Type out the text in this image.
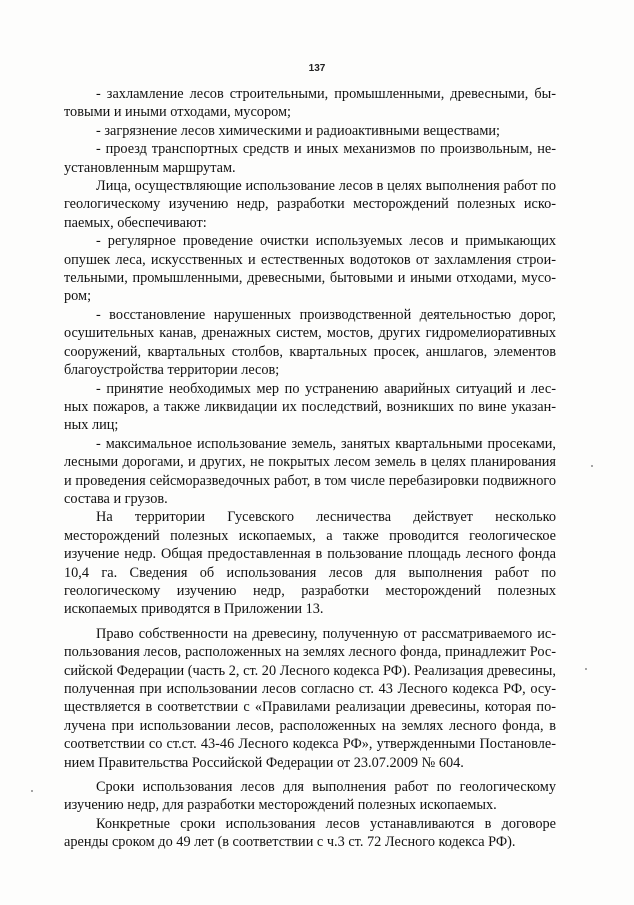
137

- захламление лесов строительными, промышленными, древесными, бытовыми и иными отходами, мусором;

- загрязнение лесов химическими и радиоактивными веществами;

- проезд транспортных средств и иных механизмов по произвольным, неустановленным маршрутам.

Лица, осуществляющие использование лесов в целях выполнения работ по геологическому изучению недр, разработки месторождений полезных ископаемых, обеспечивают:

- регулярное проведение очистки используемых лесов и примыкающих опушек леса, искусственных и естественных водотоков от захламления строительными, промышленными, древесными, бытовыми и иными отходами, мусором;

- восстановление нарушенных производственной деятельностью дорог, осушительных канав, дренажных систем, мостов, других гидромелиоративных сооружений, квартальных столбов, квартальных просек, аншлагов, элементов благоустройства территории лесов;

- принятие необходимых мер по устранению аварийных ситуаций и лесных пожаров, а также ликвидации их последствий, возникших по вине указанных лиц;

- максимальное использование земель, занятых квартальными просеками, лесными дорогами, и других, не покрытых лесом земель в целях планирования и проведения сейсморазведочных работ, в том числе перебазировки подвижного состава и грузов.

На территории Гусевского лесничества действует несколько месторождений полезных ископаемых, а также проводится геологическое изучение недр. Общая предоставленная в пользование площадь лесного фонда 10,4 га. Сведения об использования лесов для выполнения работ по геологическому изучению недр, разработки месторождений полезных ископаемых приводятся в Приложении 13.

Право собственности на древесину, полученную от рассматриваемого использования лесов, расположенных на землях лесного фонда, принадлежит Российской Федерации (часть 2, ст. 20 Лесного кодекса РФ). Реализация древесины, полученная при использовании лесов согласно ст. 43 Лесного кодекса РФ, осуществляется в соответствии с «Правилами реализации древесины, которая получена при использовании лесов, расположенных на землях лесного фонда, в соответствии со ст.ст. 43-46 Лесного кодекса РФ», утвержденными Постановлением Правительства Российской Федерации от 23.07.2009 № 604.

Сроки использования лесов для выполнения работ по геологическому изучению недр, для разработки месторождений полезных ископаемых.

Конкретные сроки использования лесов устанавливаются в договоре аренды сроком до 49 лет (в соответствии с ч.3 ст. 72 Лесного кодекса РФ).
